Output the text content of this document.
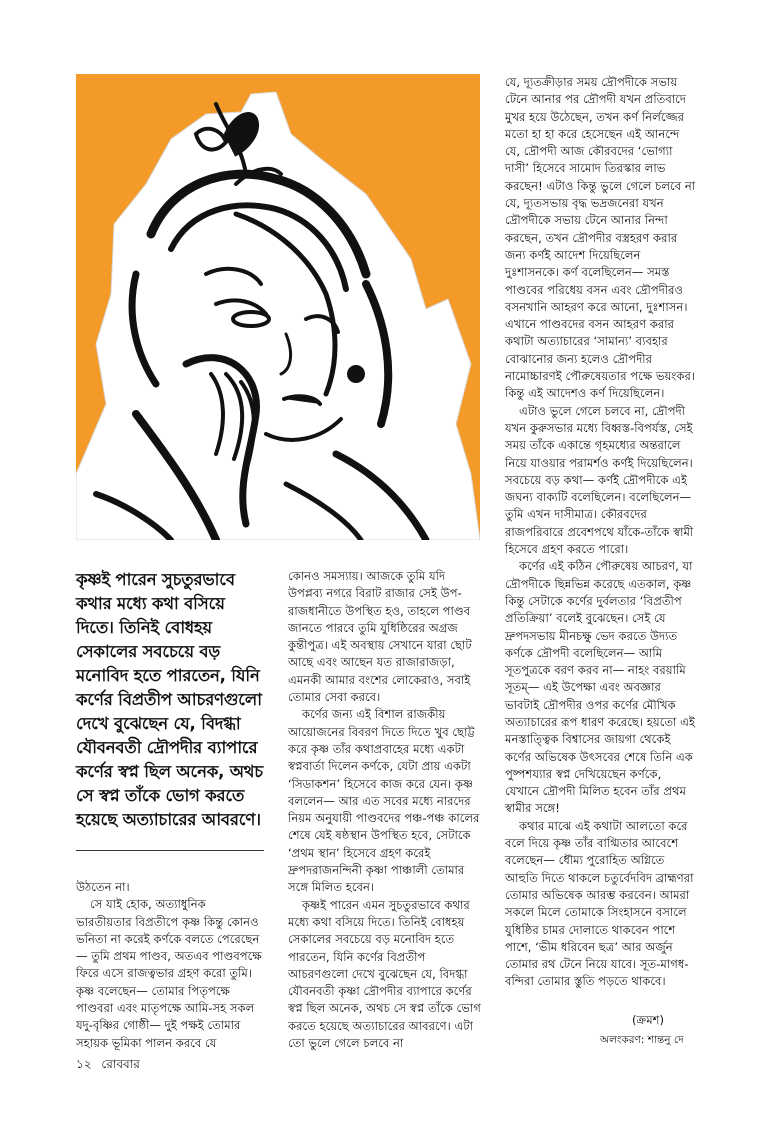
কৃষ্ণই পারেন সুচতুরভাবে কথার মধ্যে কথা বসিয়ে দিতে। তিনিই বোধহয় সেকালের সবচেয়ে বড় মনোবিদ হতে পারতেন, যিনি কর্ণের বিপ্রতীপ আচরণগুলো দেখে বুঝেছেন যে, বিদগ্ধা যৌবনবতী দ্রৌপদীর ব্যাপারে কর্ণের স্বপ্ন ছিল অনেক, অথচ সে স্বপ্ন তাঁকে ভোগ করতে হয়েছে অত্যাচারের আবরণে।

উঠতেন না।

সে যাই হোক, অত্যাধুনিক ভারতীয়তার বিপ্রতীপে কৃষ্ণ কিন্তু কোনও ভনিতা না করেই কর্ণকে বলতে পেরেছেন— তুমি প্রথম পাণ্ডব, অতএব পাণ্ডবপক্ষে ফিরে এসে রাজত্বভার গ্রহণ করো তুমি। কৃষ্ণ বলেছেন— তোমার পিতৃপক্ষে পাণ্ডবরা এবং মাতৃপক্ষে আমি-সহ সকল যদু-বৃষ্ণির গোষ্ঠী— দুই পক্ষই তোমার সহায়ক ভূমিকা পালন করবে যে

কোনও সমস্যায়। আজকে তুমি যদি উপপ্লব্য নগরে বিরাট রাজার সেই উপ-রাজধানীতে উপস্থিত হও, তাহলে পাণ্ডব জানতে পারবে তুমি যুধিষ্ঠিরের অগ্রজ কুন্তীপুত্র। এই অবস্থায় সেখানে যারা ছোট আছে এবং আছেন যত রাজারাজড়া, এমনকী আমার বংশের লোকেরাও, সবাই তোমার সেবা করবে।

কর্ণের জন্য এই বিশাল রাজকীয় আয়োজনের বিবরণ দিতে দিতে খুব ছোট্ট করে কৃষ্ণ তাঁর কথাপ্রবাহের মধ্যে একটা স্বপ্নবার্তা দিলেন কর্ণকে, যেটা প্রায় একটা ‘সিডাকশন’ হিসেবে কাজ করে যেন। কৃষ্ণ বললেন— আর এত সবের মধ্যে নারদের নিয়ম অনুযায়ী পাণ্ডবদের পঞ্চ-পঞ্চ কালের শেষে যেই ষষ্ঠস্থান উপস্থিত হবে, সেটাকে ‘প্রথম স্থান’ হিসেবে গ্রহণ করেই দ্রুপদরাজনন্দিনী কৃষ্ণা পাঞ্চালী তোমার সঙ্গে মিলিত হবেন।

কৃষ্ণই পারেন এমন সুচতুরভাবে কথার মধ্যে কথা বসিয়ে দিতে। তিনিই বোধহয় সেকালের সবচেয়ে বড় মনোবিদ হতে পারতেন, যিনি কর্ণের বিপ্রতীপ আচরণগুলো দেখে বুঝেছেন যে, বিদগ্ধা যৌবনবতী কৃষ্ণা দ্রৌপদীর ব্যাপারে কর্ণের স্বপ্ন ছিল অনেক, অথচ সে স্বপ্ন তাঁকে ভোগ করতে হয়েছে অত্যাচারের আবরণে। এটা তো ভুলে গেলে চলবে না

যে, দ্যূতক্রীড়ার সময় দ্রৌপদীকে সভায় টেনে আনার পর দ্রৌপদী যখন প্রতিবাদে মুখর হয়ে উঠেছেন, তখন কর্ণ নির্লজ্জের মতো হা হা করে হেসেছেন এই আনন্দে যে, দ্রৌপদী আজ কৌরবদের ‘ভোগ্যা দাসী’ হিসেবে সামোদ তিরস্কার লাভ করছেন! এটাও কিন্তু ভুলে গেলে চলবে না যে, দ্যূতসভায় বৃদ্ধ ভদ্রজনেরা যখন দ্রৌপদীকে সভায় টেনে আনার নিন্দা করছেন, তখন দ্রৌপদীর বস্ত্রহরণ করার জন্য কর্ণই আদেশ দিয়েছিলেন দুঃশাসনকে। কর্ণ বলেছিলেন— সমস্ত পাণ্ডবের পরিধেয় বসন এবং দ্রৌপদীরও বসনখানি আহরণ করে আনো, দুঃশাসন। এখানে পাণ্ডবদের বসন আহরণ করার কথাটা অত্যাচারের ‘সামান্য’ ব্যবহার বোঝানোর জন্য হলেও দ্রৌপদীর নামোচ্চারণই পৌরুষেয়তার পক্ষে ভয়ংকর। কিন্তু এই আদেশও কর্ণ দিয়েছিলেন।

এটাও ভুলে গেলে চলবে না, দ্রৌপদী যখন কুরুসভার মধ্যে বিধ্বস্ত-বিপর্যস্ত, সেই সময় তাঁকে একান্তে গৃহমধ্যের অন্তরালে নিয়ে যাওয়ার পরামর্শও কর্ণই দিয়েছিলেন। সবচেয়ে বড় কথা— কর্ণই দ্রৌপদীকে এই জঘন্য বাক্যটি বলেছিলেন। বলেছিলেন— তুমি এখন দাসীমাত্র। কৌরবদের রাজপরিবারে প্রবেশপথে যাঁকে-তাঁকে স্বামী হিসেবে গ্রহণ করতে পারো।

কর্ণের এই কঠিন পৌরুষেয় আচরণ, যা দ্রৌপদীকে ছিন্নভিন্ন করেছে এতকাল, কৃষ্ণ কিন্তু সেটাকে কর্ণের দুর্বলতার ‘বিপ্রতীপ প্রতিক্রিয়া’ বলেই বুঝেছেন। সেই যে দ্রুপদসভায় মীনচক্ষু ভেদ করতে উদ্যত কর্ণকে দ্রৌপদী বলেছিলেন— আমি সূতপুত্রকে বরণ করব না— নাহং বরয়ামি সূতম্‌— এই উপেক্ষা এবং অবজ্ঞার ভাবটাই দ্রৌপদীর ওপর কর্ণের মৌখিক অত্যাচারের রূপ ধারণ করেছে। হয়তো এই মনস্তাত্ত্বিক বিশ্বাসের জায়গা থেকেই কর্ণের অভিষেক উৎসবের শেষে তিনি এক পুষ্পশয্যার স্বপ্ন দেখিয়েছেন কর্ণকে, যেখানে দ্রৌপদী মিলিত হবেন তাঁর প্রথম স্বামীর সঙ্গে!

কথার মাঝে এই কথাটা আলতো করে বলে দিয়ে কৃষ্ণ তাঁর বাগ্মিতার আবেশে বলেছেন— ধৌম্য পুরোহিত অগ্নিতে আহুতি দিতে থাকলে চতুর্বেদবিদ ব্রাহ্মণরা তোমার অভিষেক আরম্ভ করবেন। আমরা সকলে মিলে তোমাকে সিংহাসনে বসালে যুধিষ্ঠির চামর দোলাতে থাকবেন পাশে পাশে, ‘ভীম ধরিবেন ছত্র’ আর অর্জুন তোমার রথ টেনে নিয়ে যাবে। সূত-মাগধ-বন্দিরা তোমার স্তুতি পড়তে থাকবে।

(ক্রমশ)
অলংকরণ: শান্তনু দে
১২ রোববার
